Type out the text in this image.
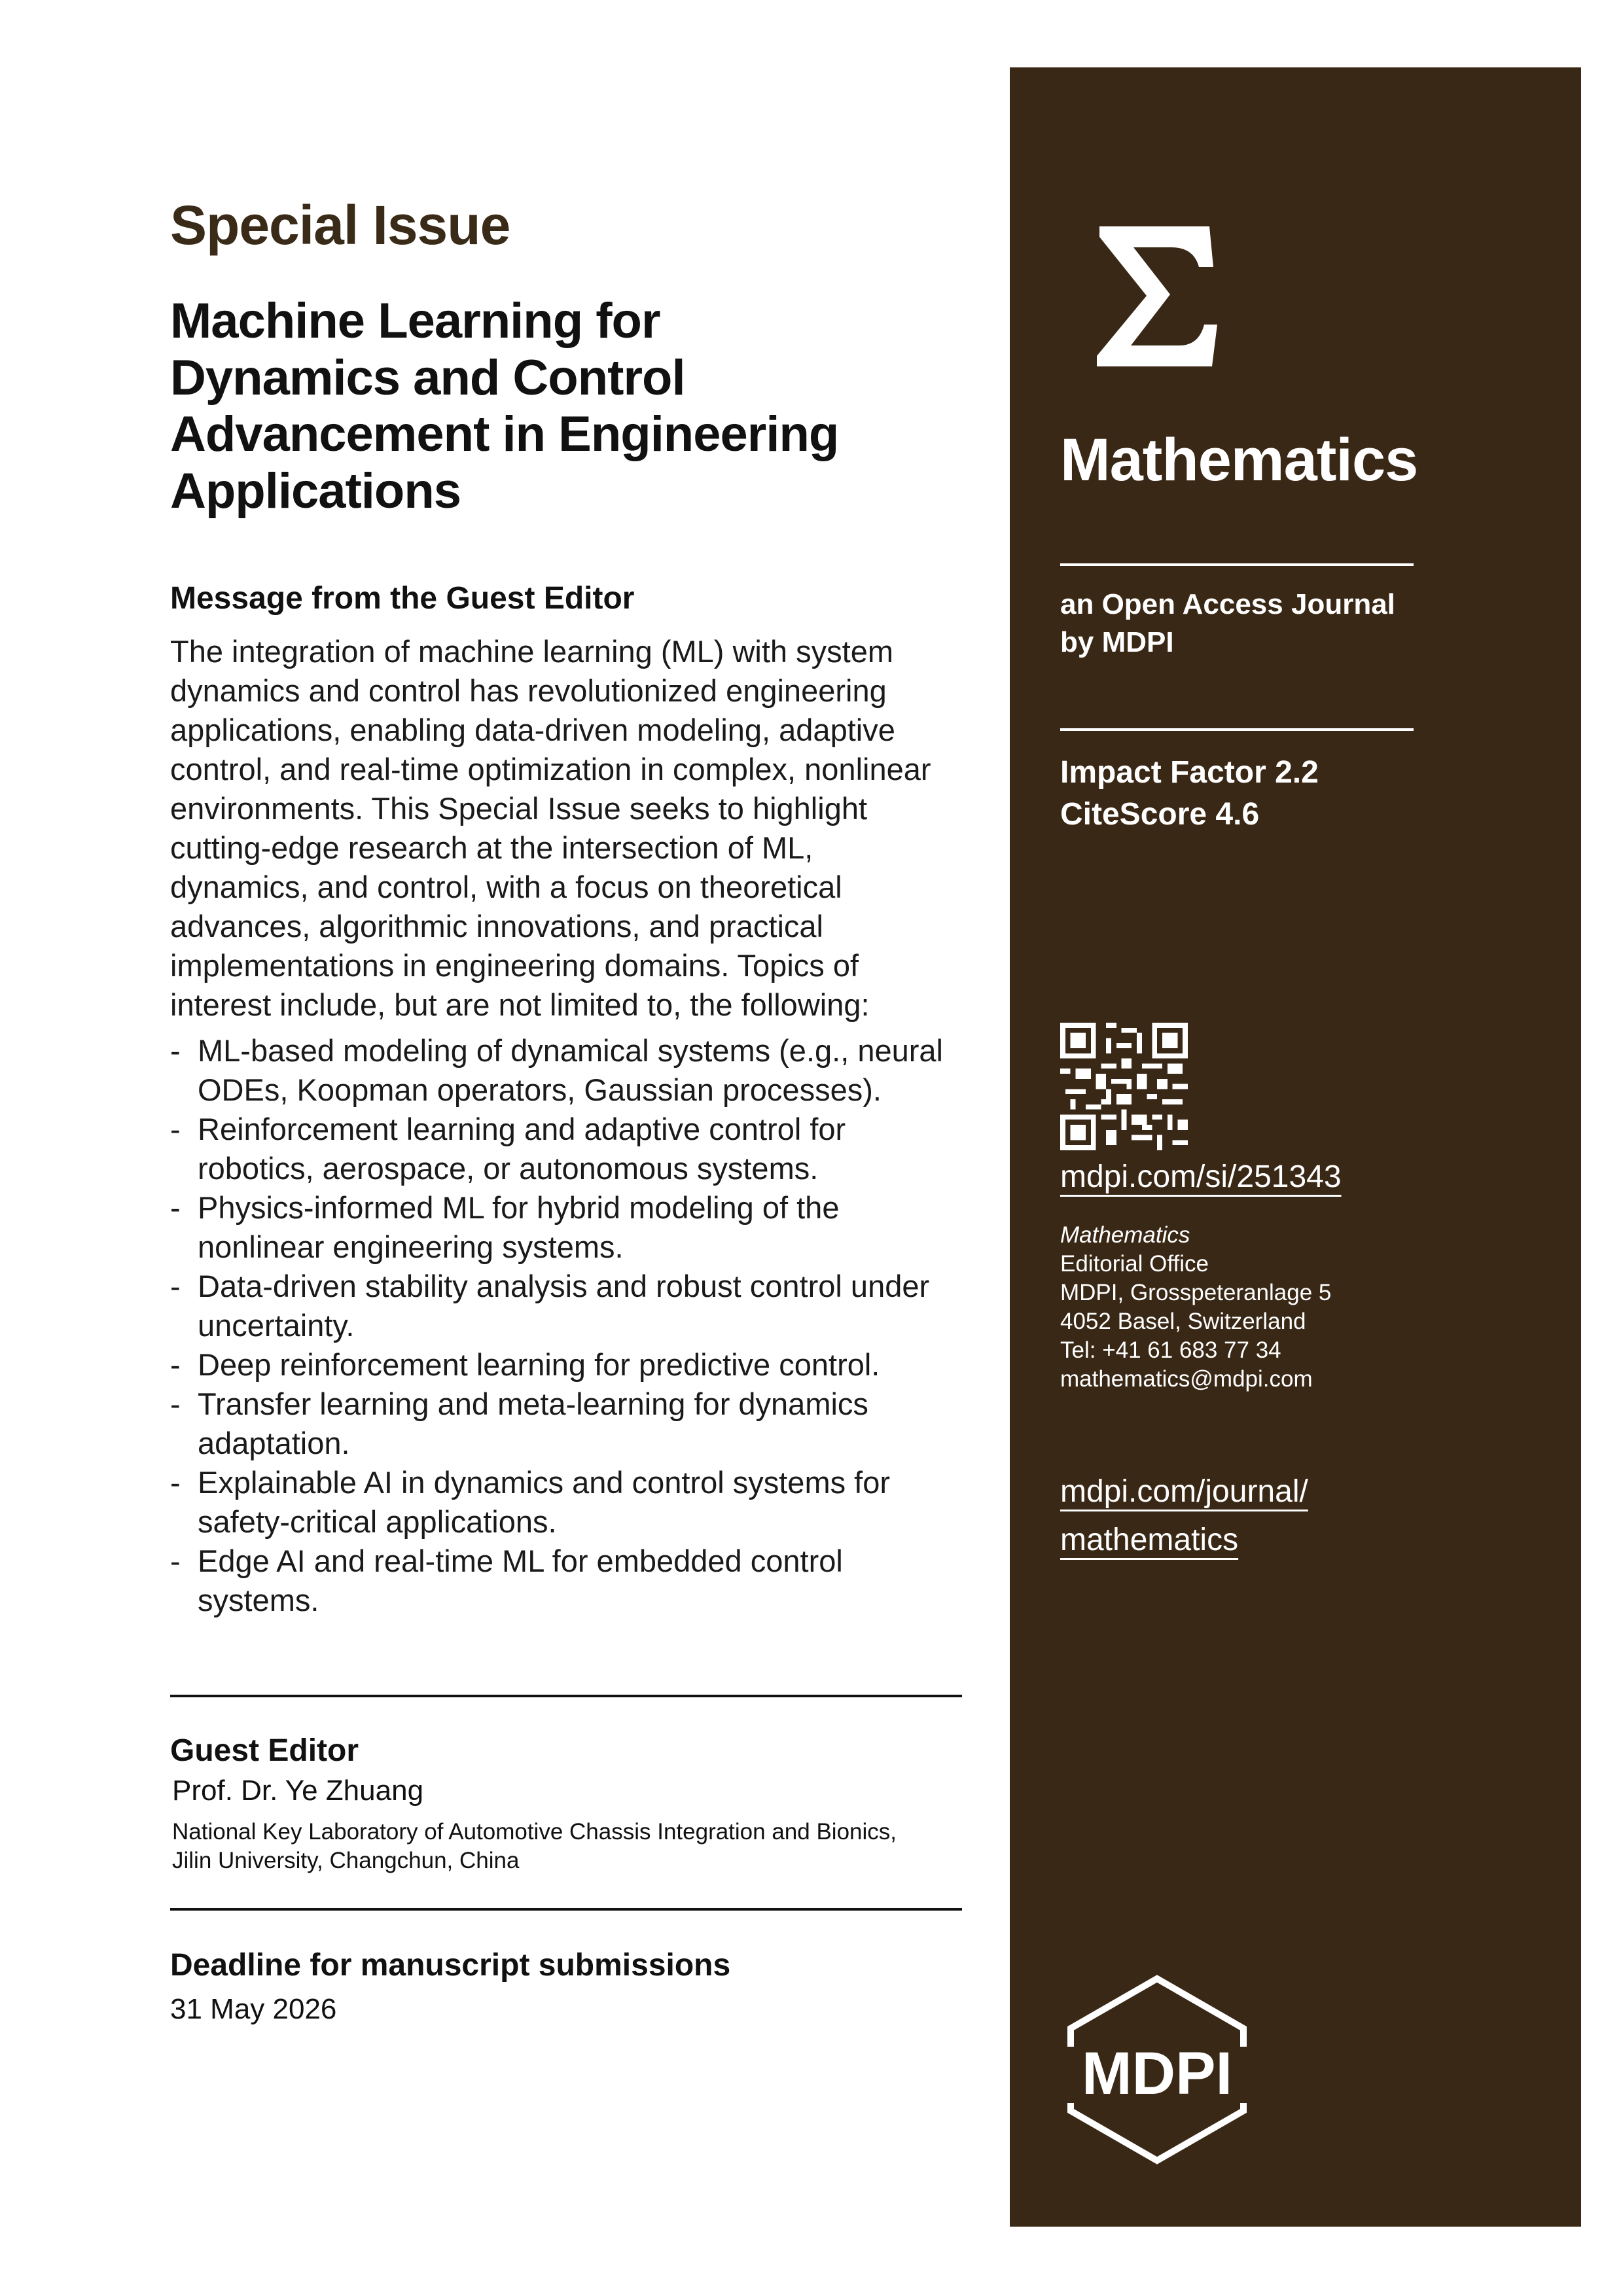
Special Issue
Machine Learning for
Dynamics and Control
Advancement in Engineering
Applications
Message from the Guest Editor
The integration of machine learning (ML) with system
dynamics and control has revolutionized engineering
applications, enabling data-driven modeling, adaptive
control, and real-time optimization in complex, nonlinear
environments. This Special Issue seeks to highlight
cutting-edge research at the intersection of ML,
dynamics, and control, with a focus on theoretical
advances, algorithmic innovations, and practical
implementations in engineering domains. Topics of
interest include, but are not limited to, the following:
- ML-based modeling of dynamical systems (e.g., neural
ODEs, Koopman operators, Gaussian processes).
- Reinforcement learning and adaptive control for
robotics, aerospace, or autonomous systems.
- Physics-informed ML for hybrid modeling of the
nonlinear engineering systems.
- Data-driven stability analysis and robust control under
uncertainty.
- Deep reinforcement learning for predictive control.
- Transfer learning and meta-learning for dynamics
adaptation.
- Explainable AI in dynamics and control systems for
safety-critical applications.
- Edge AI and real-time ML for embedded control
systems.
Guest Editor
Prof. Dr. Ye Zhuang
National Key Laboratory of Automotive Chassis Integration and Bionics,
Jilin University, Changchun, China
Deadline for manuscript submissions
31 May 2026
Mathematics
an Open Access Journal
by MDPI
Impact Factor 2.2
CiteScore 4.6
mdpi.com/si/251343
Mathematics
Editorial Office
MDPI, Grosspeteranlage 5
4052 Basel, Switzerland
Tel: +41 61 683 77 34
mathematics@mdpi.com
mdpi.com/journal/
mathematics
MDPI
